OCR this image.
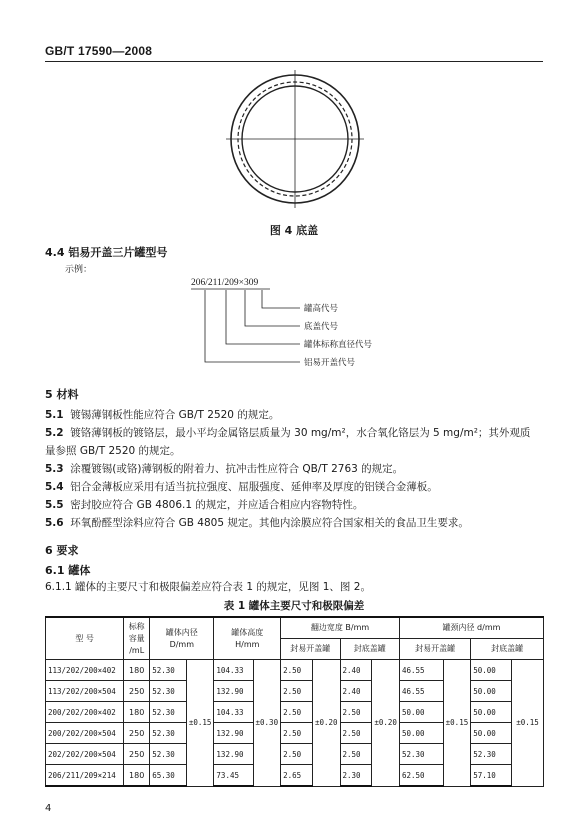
GB/T 17590—2008
图 4 底盖
4.4 铝易开盖三片罐型号
示例：
206/211/209×309
罐高代号
底盖代号
罐体标称直径代号
铝易开盖代号
5 材料
5.1 镀锡薄钢板性能应符合 GB/T 2520 的规定。
5.2 镀铬薄钢板的镀铬层，最小平均金属铬层质量为 30 mg/m²，水合氧化铬层为 5 mg/m²；其外观质
量参照 GB/T 2520 的规定。
5.3 涂覆镀锡(或铬)薄钢板的附着力、抗冲击性应符合 QB/T 2763 的规定。
5.4 铝合金薄板应采用有适当抗拉强度、屈服强度、延伸率及厚度的铝镁合金薄板。
5.5 密封胶应符合 GB 4806.1 的规定，并应适合相应内容物特性。
5.6 环氧酚醛型涂料应符合 GB 4805 规定。其他内涂膜应符合国家相关的食品卫生要求。
6 要求
6.1 罐体
6.1.1 罐体的主要尺寸和极限偏差应符合表 1 的规定，见图 1、图 2。
表 1 罐体主要尺寸和极限偏差
型 号	标称
容量
/mL	罐体内径
D/mm		罐体高度
H/mm		翻边宽度 B/mm				罐颈内径 d/mm			
						封易开盖罐		封底盖罐		封易开盖罐		封底盖罐	
113/202/200×402	180	52.30	±0.15	104.33	±0.30	2.50	±0.20	2.40	±0.20	46.55	±0.15	50.00	±0.15
113/202/200×504	250	52.30		132.90		2.50		2.40		46.55		50.00	
200/202/200×402	180	52.30		104.33		2.50		2.50		50.00		50.00	
200/202/200×504	250	52.30		132.90		2.50		2.50		50.00		50.00	
202/202/200×504	250	52.30		132.90		2.50		2.50		52.30		52.30	
206/211/209×214	180	65.30		73.45		2.65		2.30		62.50		57.10	
4
